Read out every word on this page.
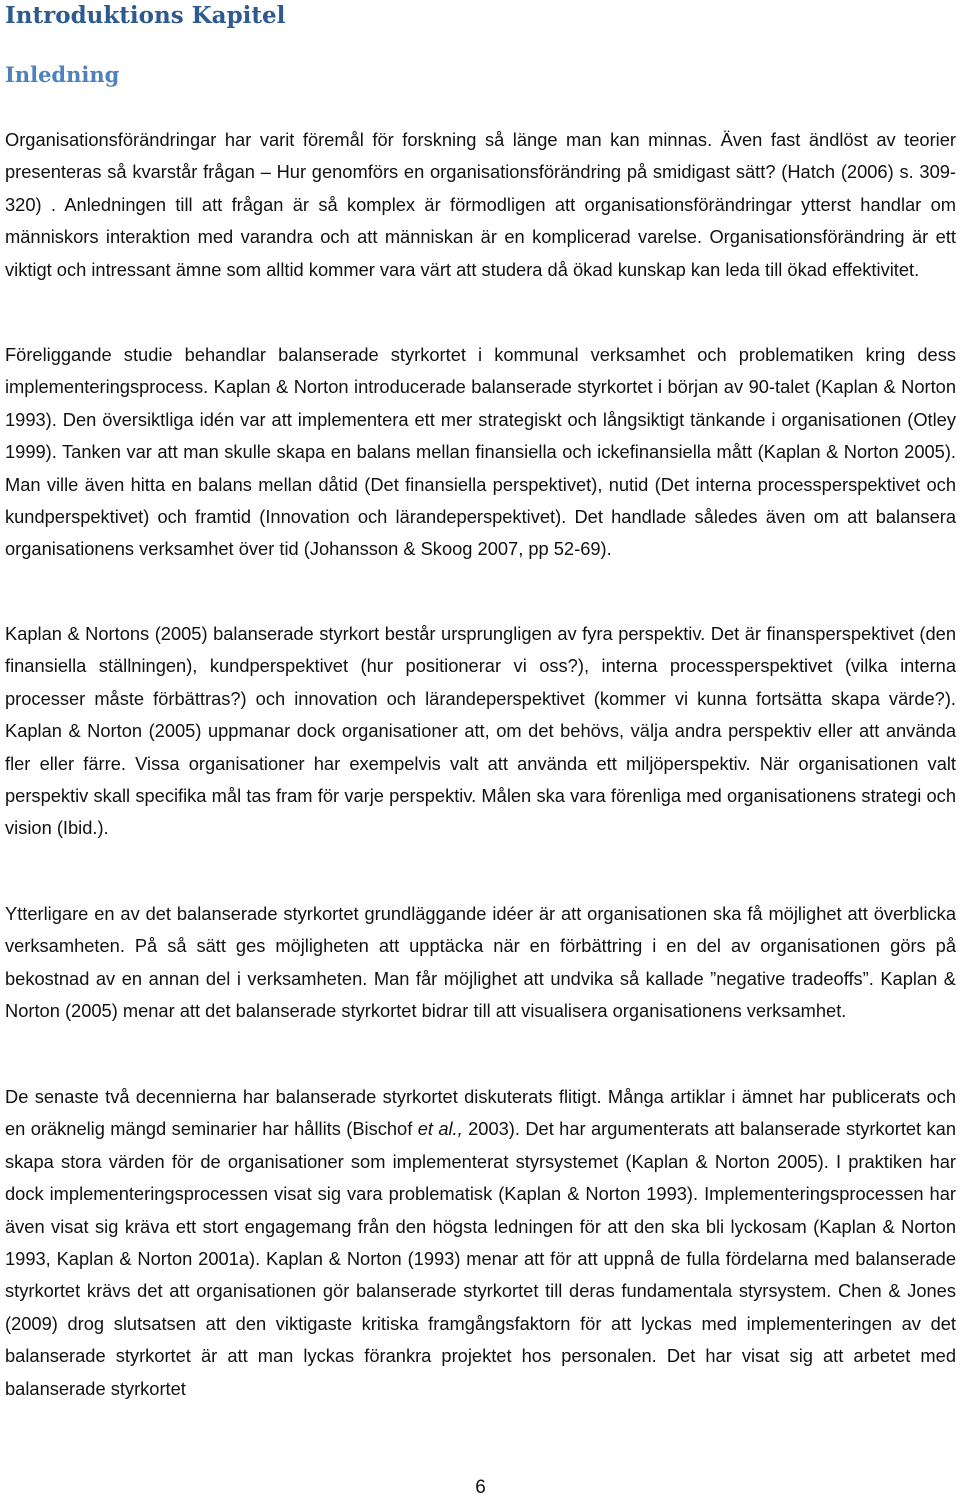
Introduktions Kapitel
Inledning

Organisationsförändringar har varit föremål för forskning så länge man kan minnas. Även fast ändlöst av teorier presenteras så kvarstår frågan – Hur genomförs en organisationsförändring på smidigast sätt? (Hatch (2006) s. 309-320) . Anledningen till att frågan är så komplex är förmodligen att organisationsförändringar ytterst handlar om människors interaktion med varandra och att människan är en komplicerad varelse. Organisationsförändring är ett viktigt och intressant ämne som alltid kommer vara värt att studera då ökad kunskap kan leda till ökad effektivitet.

Föreliggande studie behandlar balanserade styrkortet i kommunal verksamhet och problematiken kring dess implementeringsprocess. Kaplan & Norton introducerade balanserade styrkortet i början av 90-talet (Kaplan & Norton 1993). Den översiktliga idén var att implementera ett mer strategiskt och långsiktigt tänkande i organisationen (Otley 1999). Tanken var att man skulle skapa en balans mellan finansiella och ickefinansiella mått (Kaplan & Norton 2005). Man ville även hitta en balans mellan dåtid (Det finansiella perspektivet), nutid (Det interna processperspektivet och kundperspektivet) och framtid (Innovation och lärandeperspektivet). Det handlade således även om att balansera organisationens verksamhet över tid (Johansson & Skoog 2007, pp 52-69).

Kaplan & Nortons (2005) balanserade styrkort består ursprungligen av fyra perspektiv. Det är finansperspektivet (den finansiella ställningen), kundperspektivet (hur positionerar vi oss?), interna processperspektivet (vilka interna processer måste förbättras?) och innovation och lärandeperspektivet (kommer vi kunna fortsätta skapa värde?). Kaplan & Norton (2005) uppmanar dock organisationer att, om det behövs, välja andra perspektiv eller att använda fler eller färre. Vissa organisationer har exempelvis valt att använda ett miljöperspektiv. När organisationen valt perspektiv skall specifika mål tas fram för varje perspektiv. Målen ska vara förenliga med organisationens strategi och vision (Ibid.).

Ytterligare en av det balanserade styrkortet grundläggande idéer är att organisationen ska få möjlighet att överblicka verksamheten. På så sätt ges möjligheten att upptäcka när en förbättring i en del av organisationen görs på bekostnad av en annan del i verksamheten. Man får möjlighet att undvika så kallade ”negative tradeoffs”. Kaplan & Norton (2005) menar att det balanserade styrkortet bidrar till att visualisera organisationens verksamhet.

De senaste två decennierna har balanserade styrkortet diskuterats flitigt. Många artiklar i ämnet har publicerats och en oräknelig mängd seminarier har hållits (Bischof et al., 2003). Det har argumenterats att balanserade styrkortet kan skapa stora värden för de organisationer som implementerat styrsystemet (Kaplan & Norton 2005). I praktiken har dock implementeringsprocessen visat sig vara problematisk (Kaplan & Norton 1993). Implementeringsprocessen har även visat sig kräva ett stort engagemang från den högsta ledningen för att den ska bli lyckosam (Kaplan & Norton 1993, Kaplan & Norton 2001a). Kaplan & Norton (1993) menar att för att uppnå de fulla fördelarna med balanserade styrkortet krävs det att organisationen gör balanserade styrkortet till deras fundamentala styrsystem. Chen & Jones (2009) drog slutsatsen att den viktigaste kritiska framgångsfaktorn för att lyckas med implementeringen av det balanserade styrkortet är att man lyckas förankra projektet hos personalen. Det har visat sig att arbetet med balanserade styrkortet

6
